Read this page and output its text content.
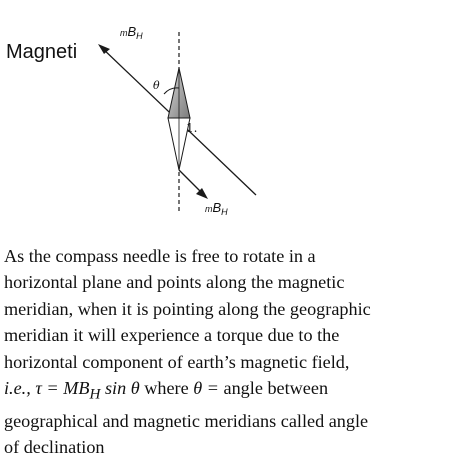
θ
1.
mBH
mBH
Magneti

As the compass needle is free to rotate in a
horizontal plane and points along the magnetic
meridian, when it is pointing along the geographic
meridian it will experience a torque due to the
horizontal component of earth’s magnetic field,
i.e., $\tau = MB_H$ sin θ where θ = angle between
geographical and magnetic meridians called angle
of declination
